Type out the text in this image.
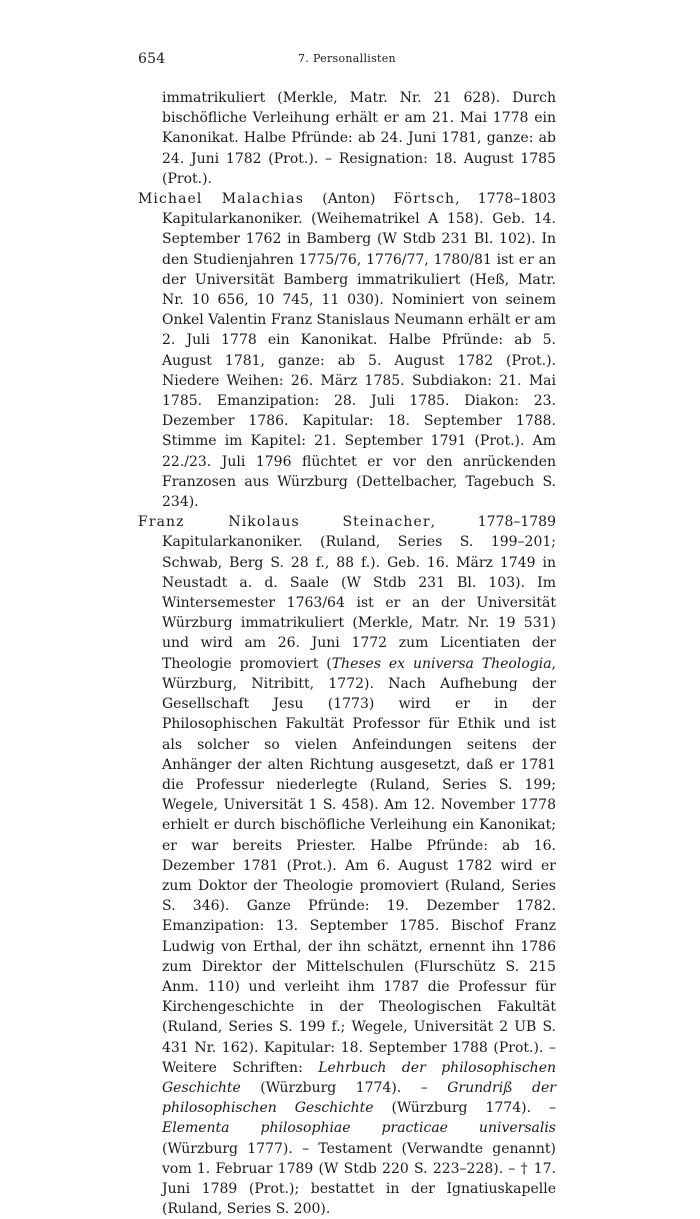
654	7. Personallisten

immatrikuliert (Merkle, Matr. Nr. 21 628). Durch bischöfliche Verleihung erhält er am 21. Mai 1778 ein Kanonikat. Halbe Pfründe: ab 24. Juni 1781, ganze: ab 24. Juni 1782 (Prot.). – Resignation: 18. August 1785 (Prot.).

Michael Malachias (Anton) Förtsch, 1778–1803 Kapitularkanoniker. (Weihematrikel A 158). Geb. 14. September 1762 in Bamberg (W Stdb 231 Bl. 102). In den Studienjahren 1775/76, 1776/77, 1780/81 ist er an der Universität Bamberg immatrikuliert (Heß, Matr. Nr. 10 656, 10 745, 11 030). Nominiert von seinem Onkel Valentin Franz Stanislaus Neumann erhält er am 2. Juli 1778 ein Kanonikat. Halbe Pfründe: ab 5. August 1781, ganze: ab 5. August 1782 (Prot.). Niedere Weihen: 26. März 1785. Subdiakon: 21. Mai 1785. Emanzipation: 28. Juli 1785. Diakon: 23. Dezember 1786. Kapitular: 18. September 1788. Stimme im Kapitel: 21. September 1791 (Prot.). Am 22./23. Juli 1796 flüchtet er vor den anrückenden Franzosen aus Würzburg (Dettelbacher, Tagebuch S. 234).

Franz Nikolaus	Steinacher, 1778–1789 Kapitularkanoniker. (Ruland, Series S. 199–201; Schwab, Berg S. 28 f., 88 f.). Geb. 16. März 1749 in Neustadt a. d. Saale (W Stdb 231 Bl. 103). Im Wintersemester 1763/64 ist er an der Universität Würzburg immatrikuliert (Merkle, Matr. Nr. 19 531) und wird am 26. Juni 1772 zum Licentiaten der Theologie promoviert (Theses ex universa Theologia, Würzburg, Nitribitt, 1772). Nach Aufhebung der Gesellschaft Jesu (1773) wird er in der Philosophischen Fakultät Professor für Ethik und ist als solcher so vielen Anfeindungen seitens der Anhänger der alten Richtung ausgesetzt, daß er 1781 die Professur niederlegte (Ruland, Series S. 199; Wegele, Universität 1 S. 458). Am 12. November 1778 erhielt er durch bischöfliche Verleihung ein Kanonikat; er war bereits Priester. Halbe Pfründe: ab 16. Dezember 1781 (Prot.). Am 6. August 1782 wird er zum Doktor der Theologie promoviert (Ruland, Series S. 346). Ganze Pfründe: 19. Dezember 1782. Emanzipation: 13. September 1785. Bischof Franz Ludwig von Erthal, der ihn schätzt, ernennt ihn 1786 zum Direktor der Mittelschulen (Flurschütz S. 215 Anm. 110) und verleiht ihm 1787 die Professur für Kirchengeschichte in der Theologischen Fakultät (Ruland, Series S. 199 f.; Wegele, Universität 2 UB S. 431 Nr. 162). Kapitular: 18. September 1788 (Prot.). – Weitere Schriften: Lehrbuch der philosophischen Geschichte (Würzburg 1774). – Grundriß der philosophischen Geschichte (Würzburg 1774). – Elementa philosophiae practicae universalis (Würzburg 1777). – Testament (Verwandte genannt) vom 1. Februar 1789 (W Stdb 220 S. 223–228). – † 17. Juni 1789 (Prot.); bestattet in der Ignatiuskapelle (Ruland, Series S. 200).
